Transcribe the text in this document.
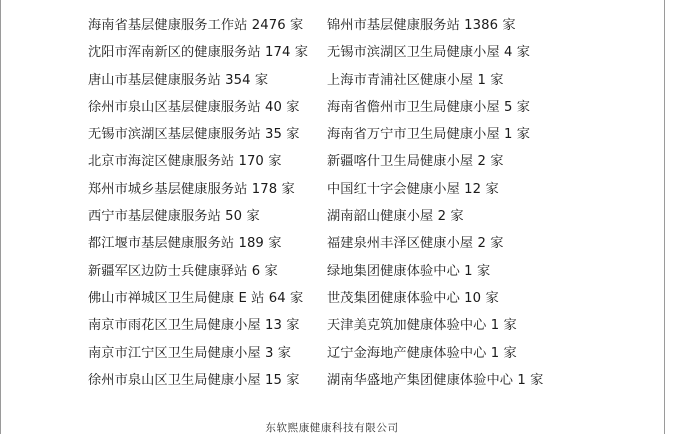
海南省基层健康服务工作站 2476 家 锦州市基层健康服务站 1386 家
沈阳市浑南新区的健康服务站 174 家 无锡市滨湖区卫生局健康小屋 4 家
唐山市基层健康服务站 354 家	上海市青浦社区健康小屋 1 家
徐州市泉山区基层健康服务站 40 家 海南省儋州市卫生局健康小屋 5 家
无锡市滨湖区基层健康服务站 35 家 海南省万宁市卫生局健康小屋 1 家
北京市海淀区健康服务站 170 家	新疆喀什卫生局健康小屋 2 家
郑州市城乡基层健康服务站 178 家 中国红十字会健康小屋 12 家
西宁市基层健康服务站 50 家	湖南韶山健康小屋 2 家
都江堰市基层健康服务站 189 家	福建泉州丰泽区健康小屋 2 家
新疆军区边防士兵健康驿站 6 家	绿地集团健康体验中心 1 家
佛山市禅城区卫生局健康 E 站 64 家 世茂集团健康体验中心 10 家
南京市雨花区卫生局健康小屋 13 家 天津美克筑加健康体验中心 1 家
南京市江宁区卫生局健康小屋 3 家	辽宁金海地产健康体验中心 1 家
徐州市泉山区卫生局健康小屋 15 家 湖南华盛地产集团健康体验中心 1 家
东软熙康健康科技有限公司
